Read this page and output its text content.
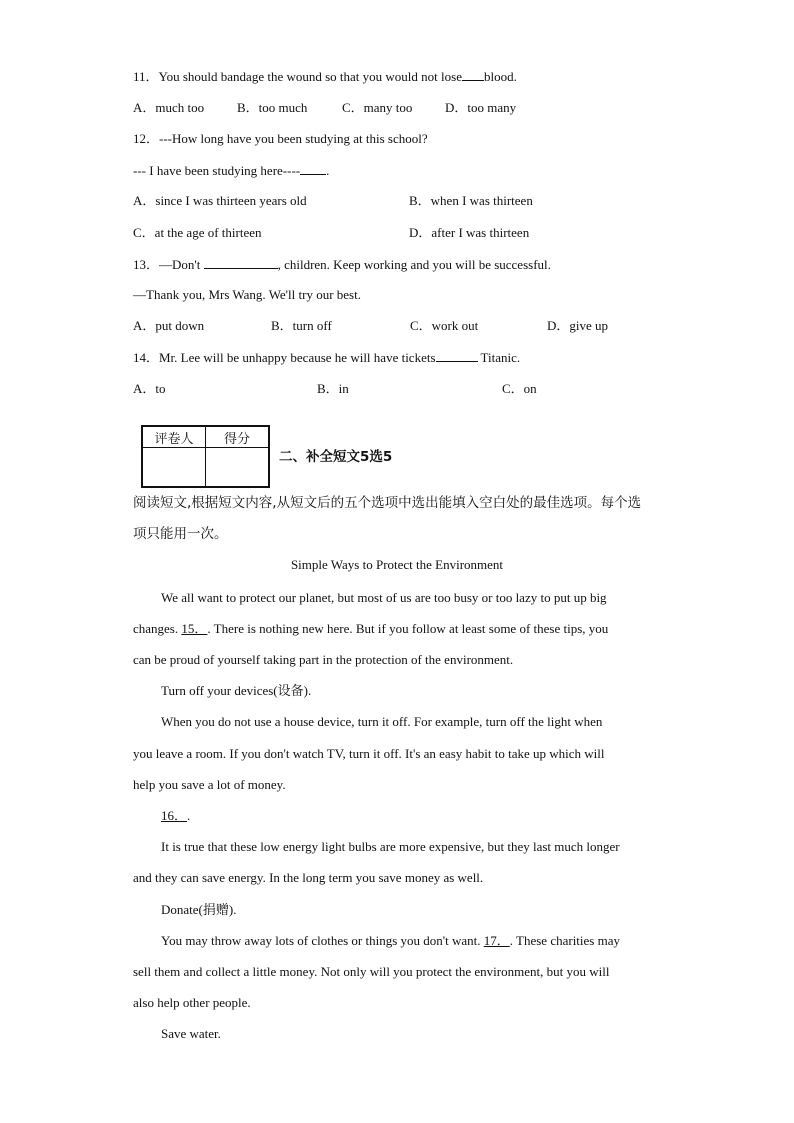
11．You should bandage the wound so that you would not lose blood.
A．much too	B．too much	C．many too	D．too many
12．---How long have you been studying at this school?
--- I have been studying here---- .
A．since I was thirteen years old	B．when I was thirteen
C．at the age of thirteen	D．after I was thirteen
13．—Don't	, children. Keep working and you will be successful.
—Thank you, Mrs Wang. We'll try our best.
A．put down	B．turn off	C．work out	D．give up
14．Mr. Lee will be unhappy because he will have tickets	Titanic.
A．to	B．in	C．on
评卷人	得分

二、补全短文5选5
阅读短文,根据短文内容,从短文后的五个选项中选出能填入空白处的最佳选项。每个选
项只能用一次。
Simple Ways to Protect the Environment
We all want to protect our planet, but most of us are too busy or too lazy to put up big
changes. 15．. There is nothing new here. But if you follow at least some of these tips, you
can be proud of yourself taking part in the protection of the environment.
Turn off your devices(设备).
When you do not use a house device, turn it off. For example, turn off the light when
you leave a room. If you don't watch TV, turn it off. It's an easy habit to take up which will
help you save a lot of money.
16．.
It is true that these low energy light bulbs are more expensive, but they last much longer
and they can save energy. In the long term you save money as well.
Donate(捐赠).
You may throw away lots of clothes or things you don't want. 17．. These charities may
sell them and collect a little money. Not only will you protect the environment, but you will
also help other people.
Save water.
